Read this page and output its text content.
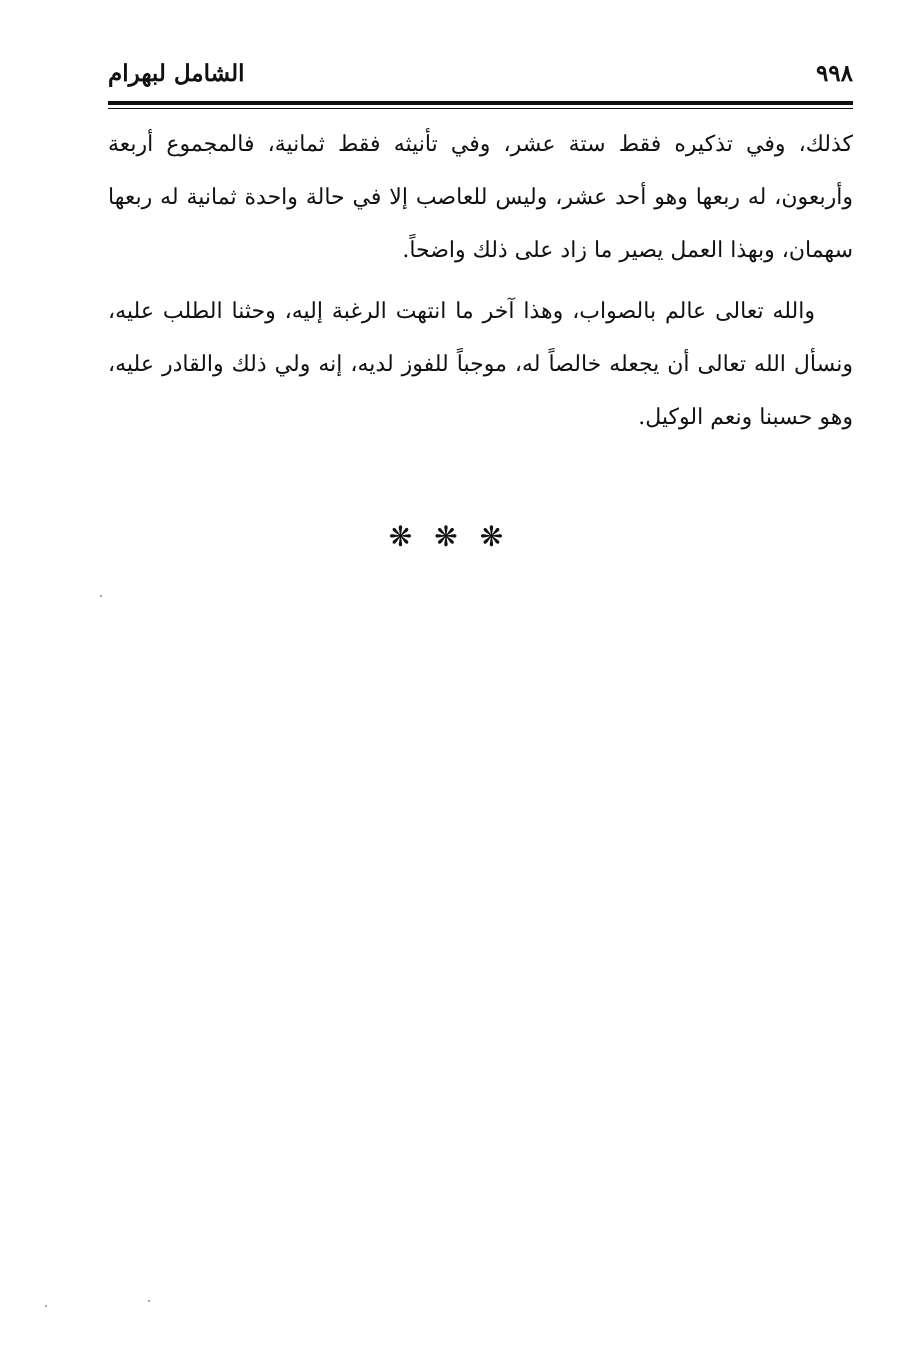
٩٩٨
الشامل لبهرام

كذلك، وفي تذكيره فقط ستة عشر، وفي تأنيثه فقط ثمانية، فالمجموع أربعة وأربعون، له ربعها وهو أحد عشر، وليس للعاصب إلا في حالة واحدة ثمانية له ربعها سهمان، وبهذا العمل يصير ما زاد على ذلك واضحاً.

والله تعالى عالم بالصواب، وهذا آخر ما انتهت الرغبة إليه، وحثنا الطلب عليه، ونسأل الله تعالى أن يجعله خالصاً له، موجباً للفوز لديه، إنه ولي ذلك والقادر عليه، وهو حسبنا ونعم الوكيل.

❋❋❋
